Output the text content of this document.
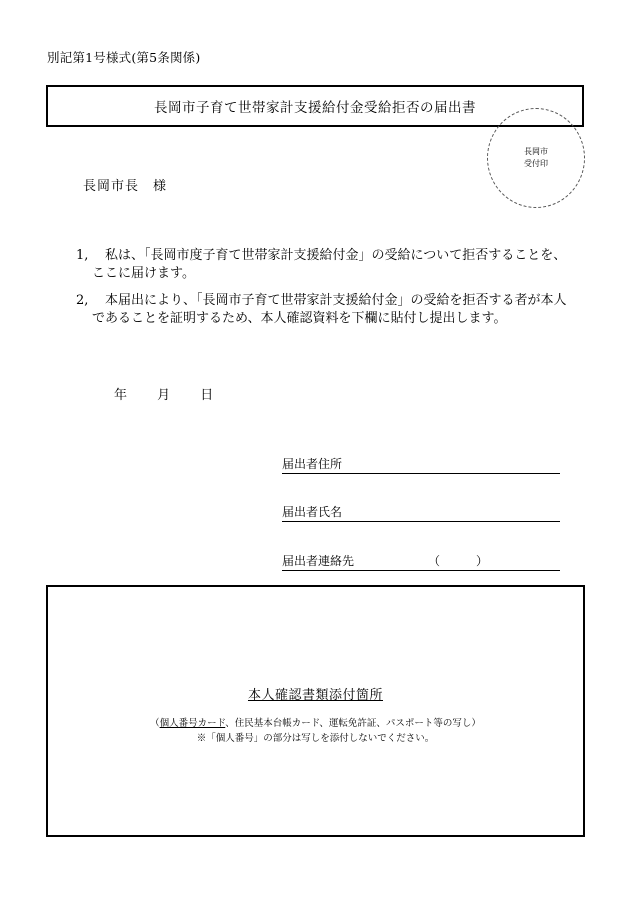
別記第1号様式(第5条関係)
長岡市子育て世帯家計支援給付金受給拒否の届出書
長岡市
受付印
長岡市長　様
1, 　私は、「長岡市度子育て世帯家計支援給付金」の受給について拒否することを、ここに届けます。
2, 　本届出により、「長岡市子育て世帯家計支援給付金」の受給を拒否する者が本人であることを証明するため、本人確認資料を下欄に貼付し提出します。
年 月 日
届出者住所
届出者氏名
届出者連絡先	（　　　）
本人確認書類添付箇所
（個人番号カード、住民基本台帳カード、運転免許証、パスポート等の写し）
※「個人番号」の部分は写しを添付しないでください。
